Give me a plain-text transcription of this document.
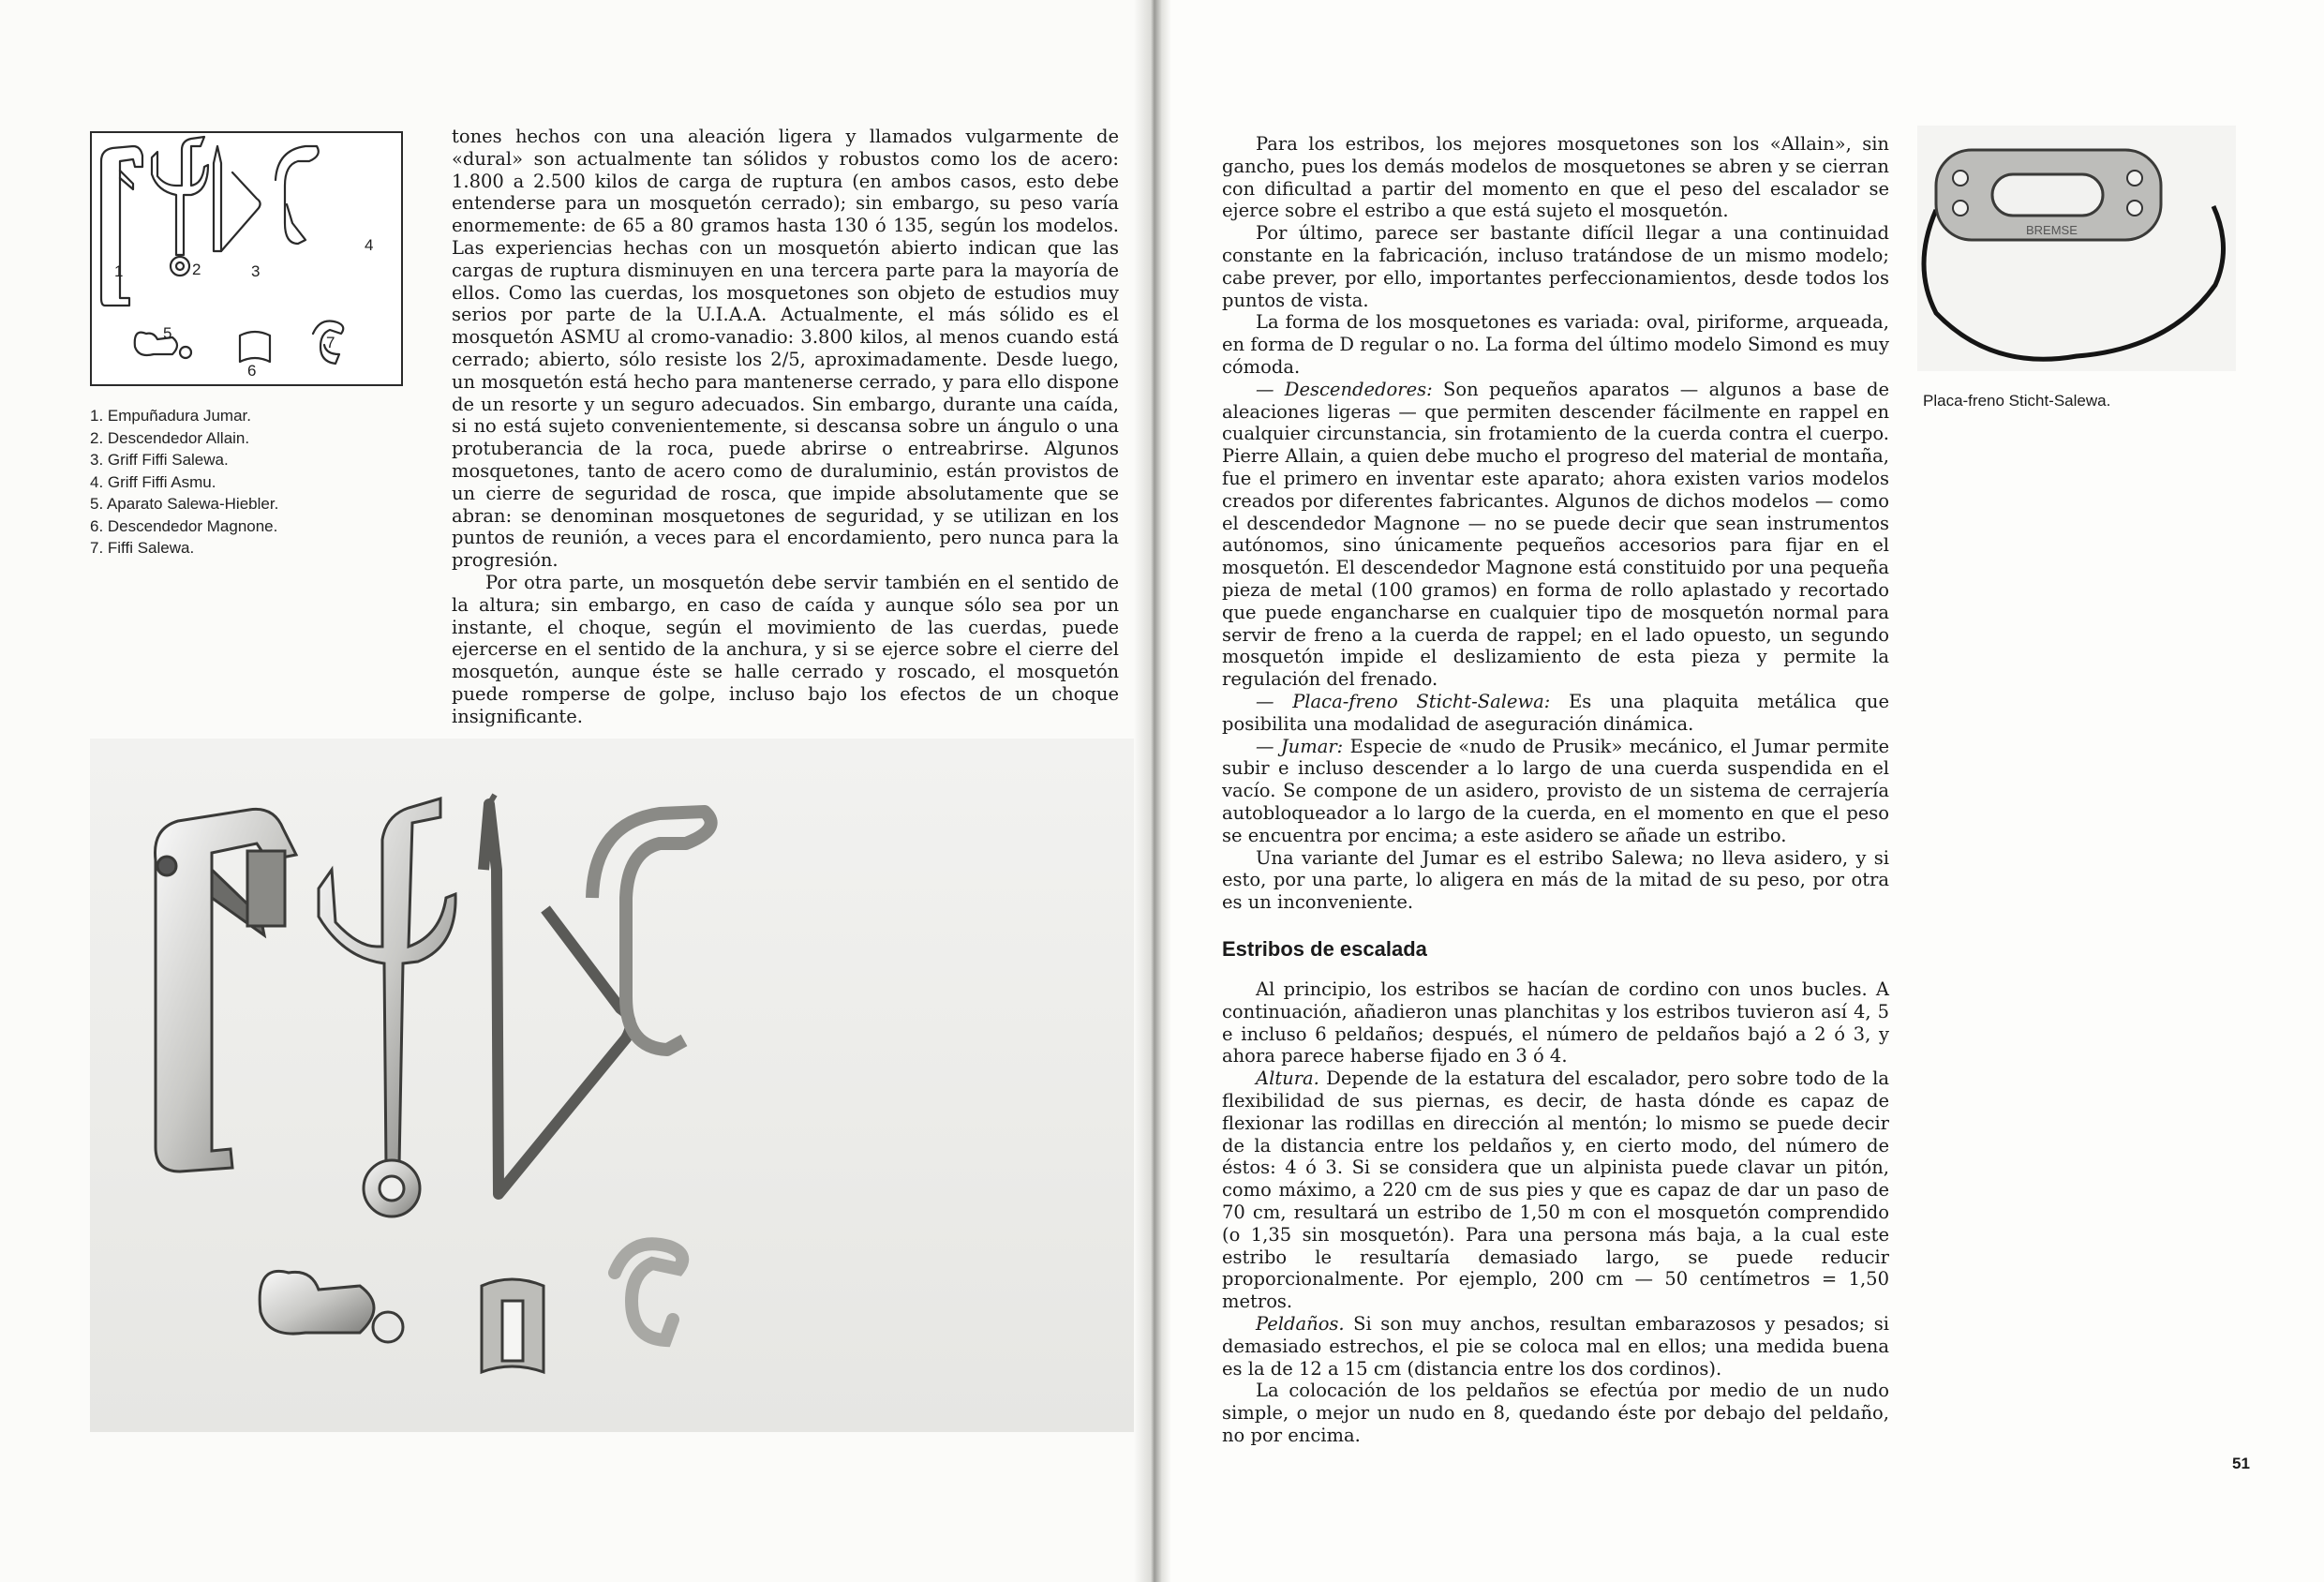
1	2	3
4
5
6
7
1. Empuñadura Jumar.
2. Descendedor Allain.
3. Griff Fiffi Salewa.
4. Griff Fiffi Asmu.
5. Aparato Salewa-Hiebler.
6. Descendedor Magnone.
7. Fiffi Salewa.

tones hechos con una aleación ligera y llamados vulgarmente de «dural» son actualmente tan sólidos y robustos como los de acero: 1.800 a 2.500 kilos de carga de ruptura (en ambos casos, esto debe entenderse para un mosquetón cerrado); sin embargo, su peso varía enormemente: de 65 a 80 gramos hasta 130 ó 135, según los modelos. Las experiencias hechas con un mosquetón abierto indican que las cargas de ruptura disminuyen en una tercera parte para la mayoría de ellos. Como las cuerdas, los mosquetones son objeto de estudios muy serios por parte de la U.I.A.A. Actualmente, el más sólido es el mosquetón ASMU al cromo-vanadio: 3.800 kilos, al menos cuando está cerrado; abierto, sólo resiste los 2/5, aproximadamente. Desde luego, un mosquetón está hecho para mantenerse cerrado, y para ello dispone de un resorte y un seguro adecuados. Sin embargo, durante una caída, si no está sujeto convenientemente, si descansa sobre un ángulo o una protuberancia de la roca, puede abrirse o entreabrirse. Algunos mosquetones, tanto de acero como de duraluminio, están provistos de un cierre de seguridad de rosca, que impide absolutamente que se abran: se denominan mosquetones de seguridad, y se utilizan en los puntos de reunión, a veces para el encordamiento, pero nunca para la progresión.

Por otra parte, un mosquetón debe servir también en el sentido de la altura; sin embargo, en caso de caída y aunque sólo sea por un instante, el choque, según el movimiento de las cuerdas, puede ejercerse en el sentido de la anchura, y si se ejerce sobre el cierre del mosquetón, aunque éste se halle cerrado y roscado, el mosquetón puede romperse de golpe, incluso bajo los efectos de un choque insignificante.

Para los estribos, los mejores mosquetones son los «Allain», sin gancho, pues los demás modelos de mosquetones se abren y se cierran con dificultad a partir del momento en que el peso del escalador se ejerce sobre el estribo a que está sujeto el mosquetón.

Por último, parece ser bastante difícil llegar a una continuidad constante en la fabricación, incluso tratándose de un mismo modelo; cabe prever, por ello, importantes perfeccionamientos, desde todos los puntos de vista.

La forma de los mosquetones es variada: oval, piriforme, arqueada, en forma de D regular o no. La forma del último modelo Simond es muy cómoda.

— Descendedores: Son pequeños aparatos — algunos a base de aleaciones ligeras — que permiten descender fácilmente en rappel en cualquier circunstancia, sin frotamiento de la cuerda contra el cuerpo. Pierre Allain, a quien debe mucho el progreso del material de montaña, fue el primero en inventar este aparato; ahora existen varios modelos creados por diferentes fabricantes. Algunos de dichos modelos — como el descendedor Magnone — no se puede decir que sean instrumentos autónomos, sino únicamente pequeños accesorios para fijar en el mosquetón. El descendedor Magnone está constituido por una pequeña pieza de metal (100 gramos) en forma de rollo aplastado y recortado que puede engancharse en cualquier tipo de mosquetón normal para servir de freno a la cuerda de rappel; en el lado opuesto, un segundo mosquetón impide el deslizamiento de esta pieza y permite la regulación del frenado.

— Placa-freno Sticht-Salewa: Es una plaquita metálica que posibilita una modalidad de aseguración dinámica.

— Jumar: Especie de «nudo de Prusik» mecánico, el Jumar permite subir e incluso descender a lo largo de una cuerda suspendida en el vacío. Se compone de un asidero, provisto de un sistema de cerrajería autobloqueador a lo largo de la cuerda, en el momento en que el peso se encuentra por encima; a este asidero se añade un estribo.

Una variante del Jumar es el estribo Salewa; no lleva asidero, y si esto, por una parte, lo aligera en más de la mitad de su peso, por otra es un inconveniente.

Estribos de escalada

Al principio, los estribos se hacían de cordino con unos bucles. A continuación, añadieron unas planchitas y los estribos tuvieron así 4, 5 e incluso 6 peldaños; después, el número de peldaños bajó a 2 ó 3, y ahora parece haberse fijado en 3 ó 4.

Altura. Depende de la estatura del escalador, pero sobre todo de la flexibilidad de sus piernas, es decir, de hasta dónde es capaz de flexionar las rodillas en dirección al mentón; lo mismo se puede decir de la distancia entre los peldaños y, en cierto modo, del número de éstos: 4 ó 3. Si se considera que un alpinista puede clavar un pitón, como máximo, a 220 cm de sus pies y que es capaz de dar un paso de 70 cm, resultará un estribo de 1,50 m con el mosquetón comprendido (o 1,35 sin mosquetón). Para una persona más baja, a la cual este estribo le resultaría demasiado largo, se puede reducir proporcionalmente. Por ejemplo, 200 cm — 50 centímetros = 1,50 metros.

Peldaños. Si son muy anchos, resultan embarazosos y pesados; si demasiado estrechos, el pie se coloca mal en ellos; una medida buena es la de 12 a 15 cm (distancia entre los dos cordinos).

La colocación de los peldaños se efectúa por medio de un nudo simple, o mejor un nudo en 8, quedando éste por debajo del peldaño, no por encima.

BREMSE
Placa-freno Sticht-Salewa.
51
